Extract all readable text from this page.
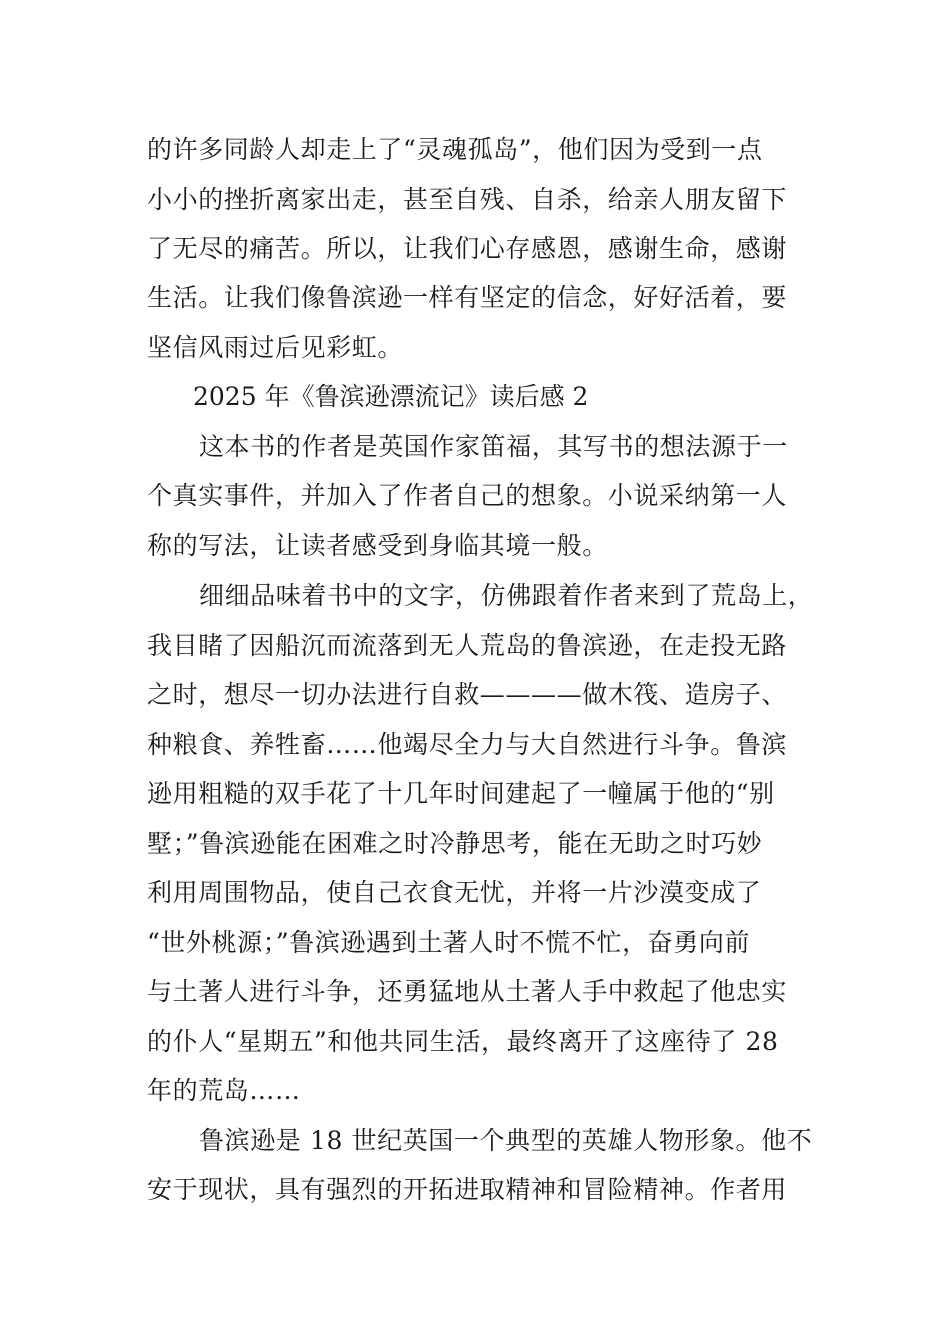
的许多同龄人却走上了“灵魂孤岛”，他们因为受到一点
小小的挫折离家出走，甚至自残、自杀，给亲人朋友留下
了无尽的痛苦。所以，让我们心存感恩，感谢生命，感谢
生活。让我们像鲁滨逊一样有坚定的信念，好好活着，要
坚信风雨过后见彩虹。
2025 年《鲁滨逊漂流记》读后感 2
这本书的作者是英国作家笛福，其写书的想法源于一
个真实事件，并加入了作者自己的想象。小说采纳第一人
称的写法，让读者感受到身临其境一般。
细细品味着书中的文字，仿佛跟着作者来到了荒岛上，
我目睹了因船沉而流落到无人荒岛的鲁滨逊，在走投无路
之时，想尽一切办法进行自救————做木筏、造房子、
种粮食、养牲畜……他竭尽全力与大自然进行斗争。鲁滨
逊用粗糙的双手花了十几年时间建起了一幢属于他的“别
墅；”鲁滨逊能在困难之时冷静思考，能在无助之时巧妙
利用周围物品，使自己衣食无忧，并将一片沙漠变成了
“世外桃源；”鲁滨逊遇到土著人时不慌不忙，奋勇向前
与土著人进行斗争，还勇猛地从土著人手中救起了他忠实
的仆人“星期五”和他共同生活，最终离开了这座待了 28
年的荒岛……
鲁滨逊是 18 世纪英国一个典型的英雄人物形象。他不
安于现状，具有强烈的开拓进取精神和冒险精神。作者用
